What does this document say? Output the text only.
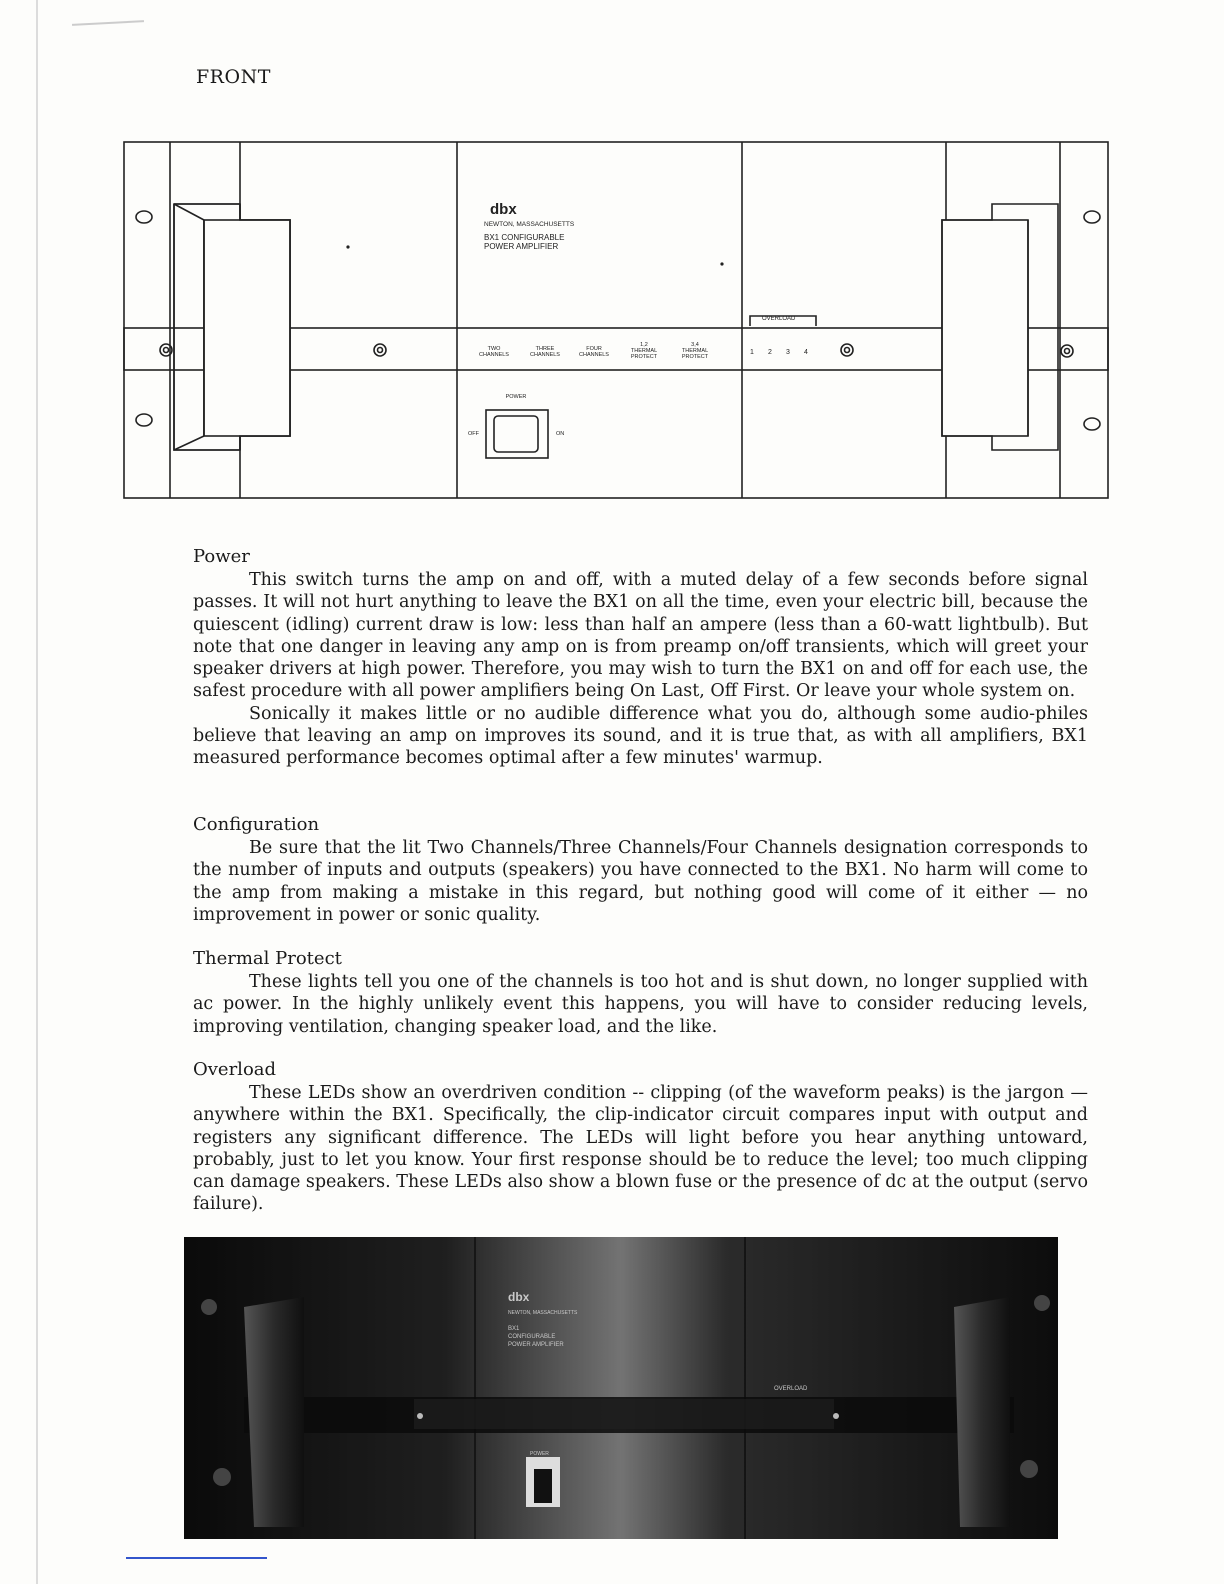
FRONT
dbx
NEWTON, MASSACHUSETTS
BX1 CONFIGURABLE
POWER AMPLIFIER
OVERLOAD
TWO
CHANNELS
THREE
CHANNELS
FOUR
CHANNELS
1,2
THERMAL
PROTECT
3,4
THERMAL
PROTECT
1 2 3 4
POWER
OFF	ON
Power

This switch turns the amp on and off, with a muted delay of a few seconds before signal passes. It will not hurt anything to leave the BX1 on all the time, even your electric bill, because the quiescent (idling) current draw is low: less than half an ampere (less than a 60-watt lightbulb). But note that one danger in leaving any amp on is from preamp on/off transients, which will greet your speaker drivers at high power. Therefore, you may wish to turn the BX1 on and off for each use, the safest procedure with all power amplifiers being On Last, Off First. Or leave your whole system on.

Sonically it makes little or no audible difference what you do, although some audio-philes believe that leaving an amp on improves its sound, and it is true that, as with all amplifiers, BX1 measured performance becomes optimal after a few minutes' warmup.

Configuration

Be sure that the lit Two Channels/Three Channels/Four Channels designation corresponds to the number of inputs and outputs (speakers) you have connected to the BX1. No harm will come to the amp from making a mistake in this regard, but nothing good will come of it either — no improvement in power or sonic quality.

Thermal Protect

These lights tell you one of the channels is too hot and is shut down, no longer supplied with ac power. In the highly unlikely event this happens, you will have to consider reducing levels, improving ventilation, changing speaker load, and the like.

Overload

These LEDs show an overdriven condition -- clipping (of the waveform peaks) is the jargon — anywhere within the BX1. Specifically, the clip-indicator circuit compares input with output and registers any significant difference. The LEDs will light before you hear anything untoward, probably, just to let you know. Your first response should be to reduce the level; too much clipping can damage speakers. These LEDs also show a blown fuse or the presence of dc at the output (servo failure).

dbx
NEWTON, MASSACHUSETTS
BX1
CONFIGURABLE
POWER AMPLIFIER
OVERLOAD
POWER
